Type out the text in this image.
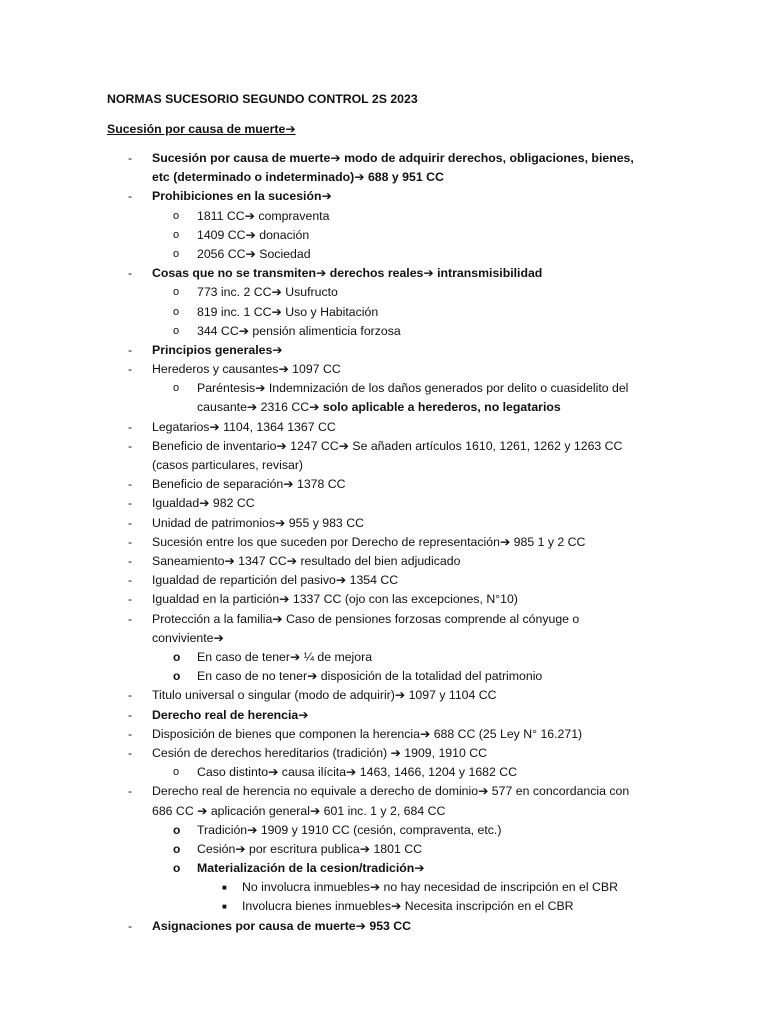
NORMAS SUCESORIO SEGUNDO CONTROL 2S 2023
Sucesión por causa de muerte➔
- Sucesión por causa de muerte➔ modo de adquirir derechos, obligaciones, bienes, etc (determinado o indeterminado)➔ 688 y 951 CC
- Prohibiciones en la sucesión➔
o 1811 CC➔ compraventa
o 1409 CC➔ donación
o 2056 CC➔ Sociedad
- Cosas que no se transmiten➔ derechos reales➔ intransmisibilidad
o 773 inc. 2 CC➔ Usufructo
o 819 inc. 1 CC➔ Uso y Habitación
o 344 CC➔ pensión alimenticia forzosa
- Principios generales➔
- Herederos y causantes➔ 1097 CC
o Paréntesis➔ Indemnización de los daños generados por delito o cuasidelito del causante➔ 2316 CC➔ solo aplicable a herederos, no legatarios
- Legatarios➔ 1104, 1364 1367 CC
- Beneficio de inventario➔ 1247 CC➔ Se añaden artículos 1610, 1261, 1262 y 1263 CC (casos particulares, revisar)
- Beneficio de separación➔ 1378 CC
- Igualdad➔ 982 CC
- Unidad de patrimonios➔ 955 y 983 CC
- Sucesión entre los que suceden por Derecho de representación➔ 985 1 y 2 CC
- Saneamiento➔ 1347 CC➔ resultado del bien adjudicado
- Igualdad de repartición del pasivo➔ 1354 CC
- Igualdad en la partición➔ 1337 CC (ojo con las excepciones, N°10)
- Protección a la familia➔ Caso de pensiones forzosas comprende al cónyuge o conviviente➔
o En caso de tener➔ ¼ de mejora
o En caso de no tener➔ disposición de la totalidad del patrimonio
- Titulo universal o singular (modo de adquirir)➔ 1097 y 1104 CC
- Derecho real de herencia➔
- Disposición de bienes que componen la herencia➔ 688 CC (25 Ley N° 16.271)
- Cesión de derechos hereditarios (tradición) ➔ 1909, 1910 CC
o Caso distinto➔ causa ilícita➔ 1463, 1466, 1204 y 1682 CC
- Derecho real de herencia no equivale a derecho de dominio➔ 577 en concordancia con 686 CC ➔ aplicación general➔ 601 inc. 1 y 2, 684 CC
o Tradición➔ 1909 y 1910 CC (cesión, compraventa, etc.)
o Cesión➔ por escritura publica➔ 1801 CC
o Materialización de la cesion/tradición➔
■ No involucra inmuebles➔ no hay necesidad de inscripción en el CBR
■ Involucra bienes inmuebles➔ Necesita inscripción en el CBR
- Asignaciones por causa de muerte➔ 953 CC
